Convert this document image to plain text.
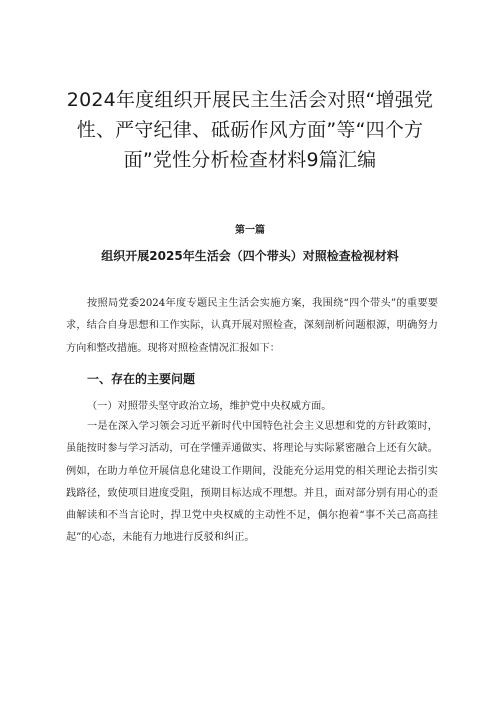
2024年度组织开展民主生活会对照“增强党性、严守纪律、砥砺作风方面”等“四个方面”党性分析检查材料9篇汇编
第一篇
组织开展2025年生活会（四个带头）对照检查检视材料

按照局党委2024年度专题民主生活会实施方案，我围绕“四个带头”的重要要求，结合自身思想和工作实际，认真开展对照检查，深刻剖析问题根源，明确努力方向和整改措施。现将对照检查情况汇报如下：

一、存在的主要问题

（一）对照带头坚守政治立场，维护党中央权威方面。

一是在深入学习领会习近平新时代中国特色社会主义思想和党的方针政策时，虽能按时参与学习活动，可在学懂弄通做实、将理论与实际紧密融合上还有欠缺。例如，在助力单位开展信息化建设工作期间，没能充分运用党的相关理论去指引实践路径，致使项目进度受阻，预期目标达成不理想。并且，面对部分别有用心的歪曲解读和不当言论时，捍卫党中央权威的主动性不足，偶尔抱着“事不关己高高挂起”的心态，未能有力地进行反驳和纠正。
